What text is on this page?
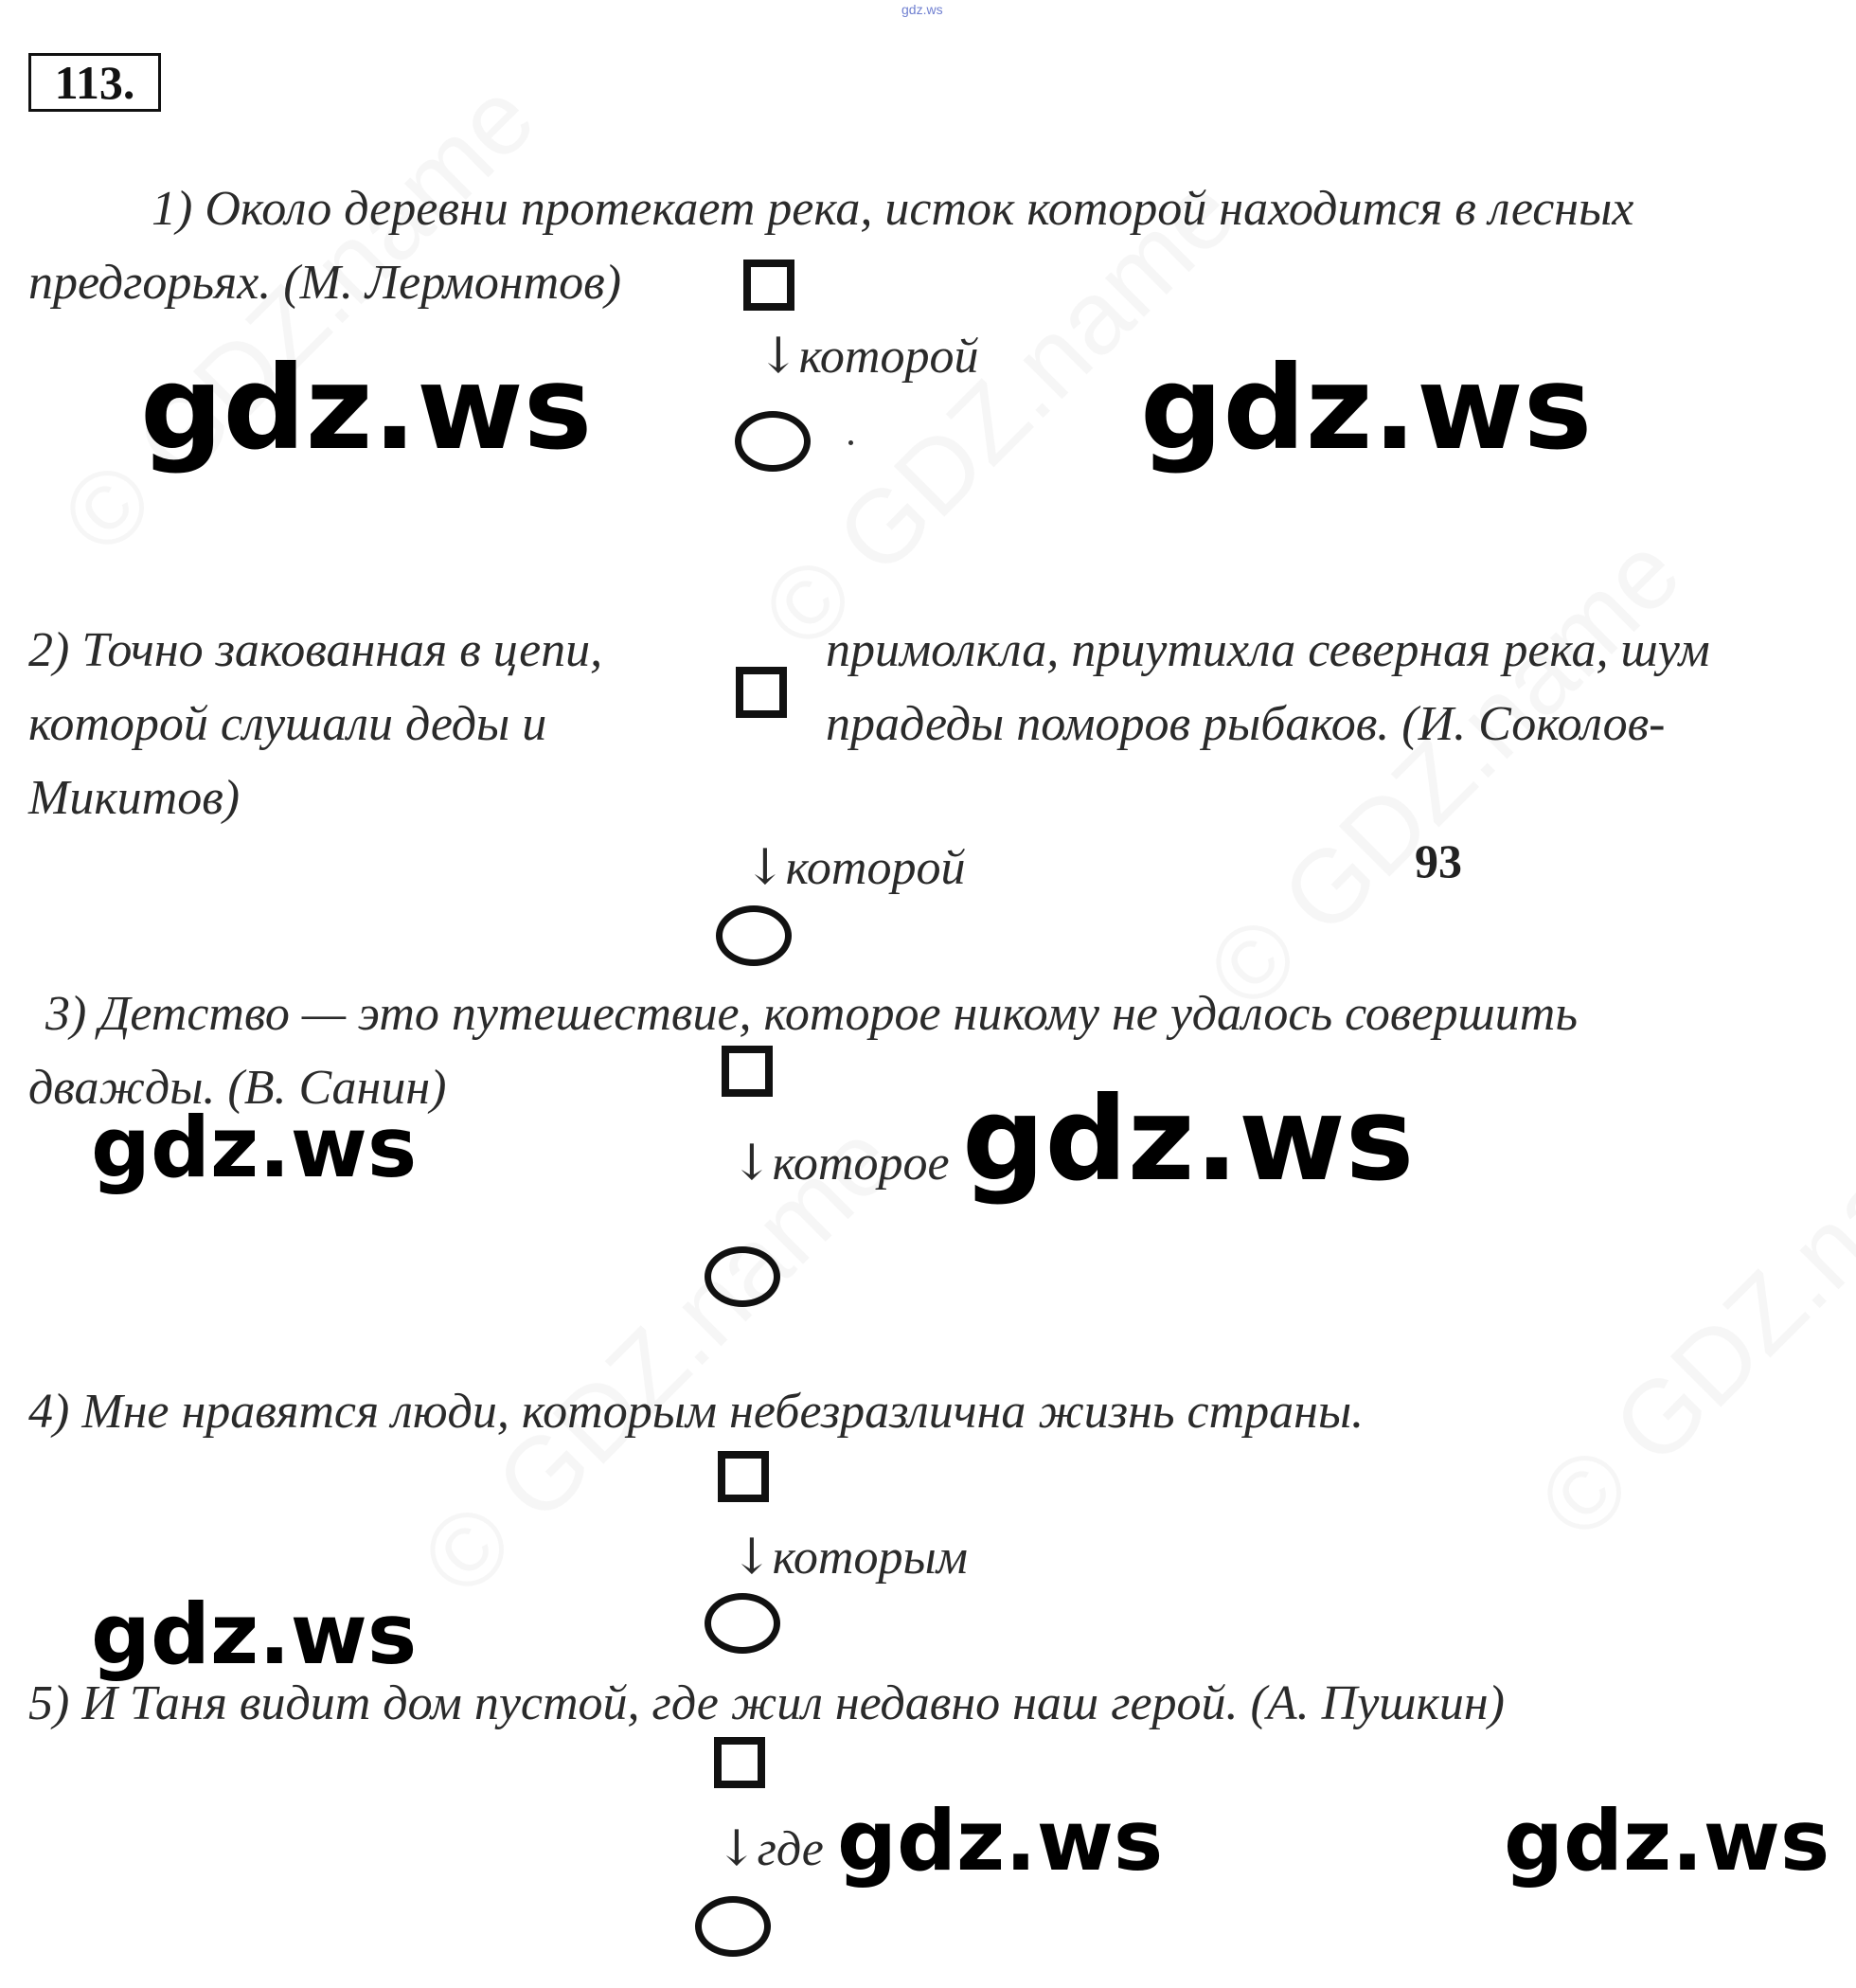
gdz.ws
113.
1) Около деревни протекает река, исток которой находится в лесных
предгорьях. (М. Лермонтов)
↓которой
2) Точно закованная в цепи,
которой слушали деды и
Микитов)
примолкла, приутихла северная река, шум
прадеды поморов рыбаков. (И. Соколов-
↓которой	93
3) Детство — это путешествие, которое никому не удалось совершить
дважды. (В. Санин)
↓которое
4) Мне нравятся люди, которым небезразлична жизнь страны.
↓которым
5) И Таня видит дом пустой, где жил недавно наш герой. (А. Пушкин)
↓где
gdz.ws	gdz.ws
gdz.ws	gdz.ws
gdz.ws
gdz.ws	gdz.ws
